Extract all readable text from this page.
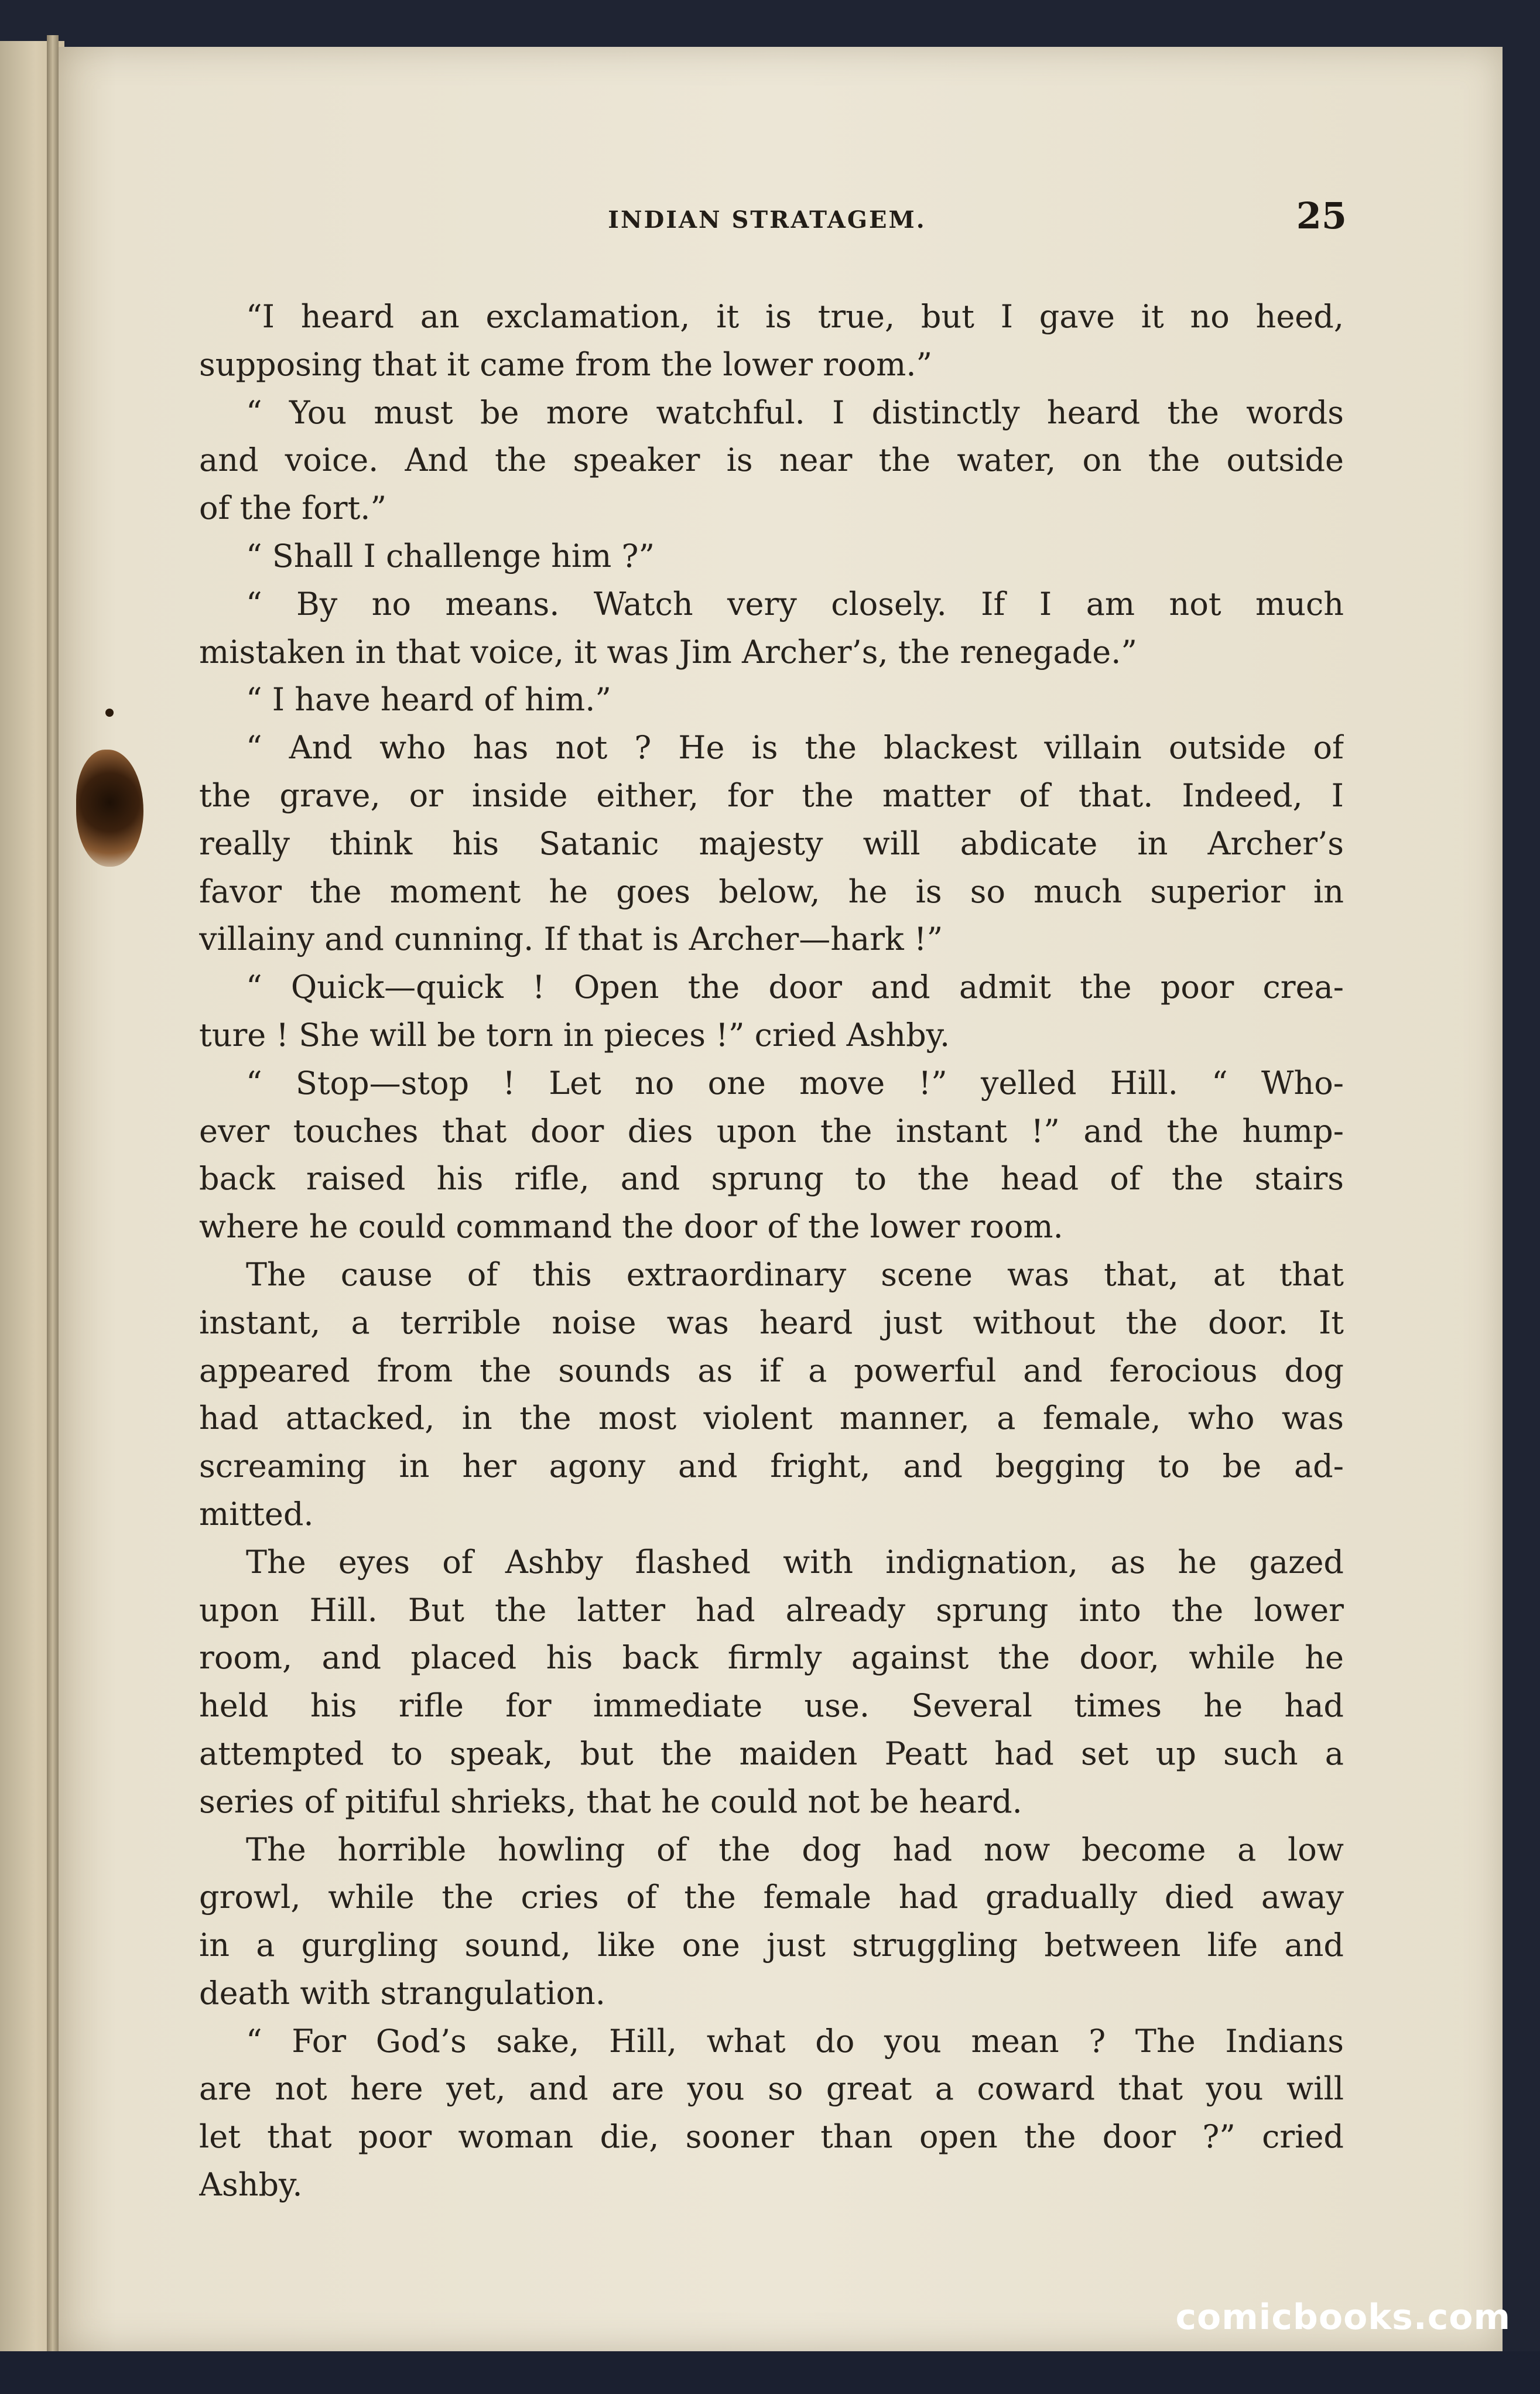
INDIAN STRATAGEM.	25
“I heard an exclamation, it is true, but I gave it no heed,
supposing that it came from the lower room.”
“ You must be more watchful. I distinctly heard the words
and voice. And the speaker is near the water, on the outside
of the fort.”
“ Shall I challenge him ?”
“ By no means. Watch very closely. If I am not much
mistaken in that voice, it was Jim Archer’s, the renegade.”
“ I have heard of him.”
“ And who has not ? He is the blackest villain outside of
the grave, or inside either, for the matter of that. Indeed, I
really think his Satanic majesty will abdicate in Archer’s
favor the moment he goes below, he is so much superior in
villainy and cunning. If that is Archer—hark !”
“ Quick—quick ! Open the door and admit the poor crea-
ture ! She will be torn in pieces !” cried Ashby.
“ Stop—stop ! Let no one move !” yelled Hill. “ Who-
ever touches that door dies upon the instant !” and the hump-
back raised his rifle, and sprung to the head of the stairs
where he could command the door of the lower room.
The cause of this extraordinary scene was that, at that
instant, a terrible noise was heard just without the door. It
appeared from the sounds as if a powerful and ferocious dog
had attacked, in the most violent manner, a female, who was
screaming in her agony and fright, and begging to be ad-
mitted.
The eyes of Ashby flashed with indignation, as he gazed
upon Hill. But the latter had already sprung into the lower
room, and placed his back firmly against the door, while he
held his rifle for immediate use. Several times he had
attempted to speak, but the maiden Peatt had set up such a
series of pitiful shrieks, that he could not be heard.
The horrible howling of the dog had now become a low
growl, while the cries of the female had gradually died away
in a gurgling sound, like one just struggling between life and
death with strangulation.
“ For God’s sake, Hill, what do you mean ? The Indians
are not here yet, and are you so great a coward that you will
let that poor woman die, sooner than open the door ?” cried
Ashby.
comicbooks.com
